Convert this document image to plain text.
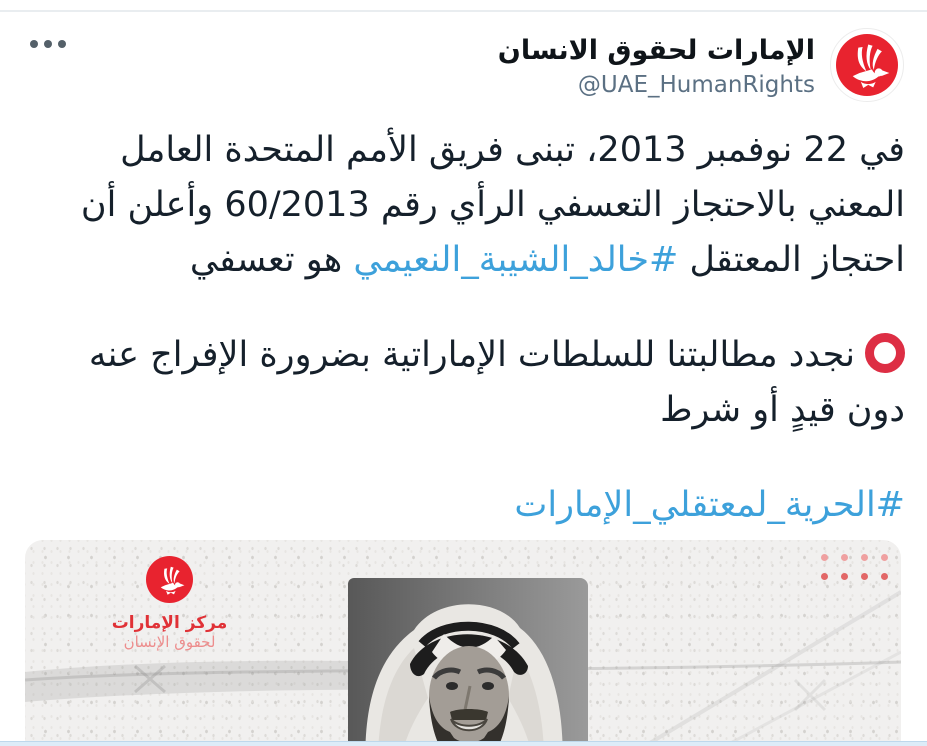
الإمارات لحقوق الانسان
@UAE_HumanRights

في 22 نوفمبر 2013، تبنى فريق الأمم المتحدة العامل المعني بالاحتجاز التعسفي الرأي رقم 60/2013 وأعلن أن احتجاز المعتقل #خالد_الشيبة_النعيمي هو تعسفي

نجدد مطالبتنا للسلطات الإماراتية بضرورة الإفراج عنه دون قيدٍ أو شرط

#الحرية_لمعتقلي_الإمارات

مركز الإمارات
لحقوق الإنسان
